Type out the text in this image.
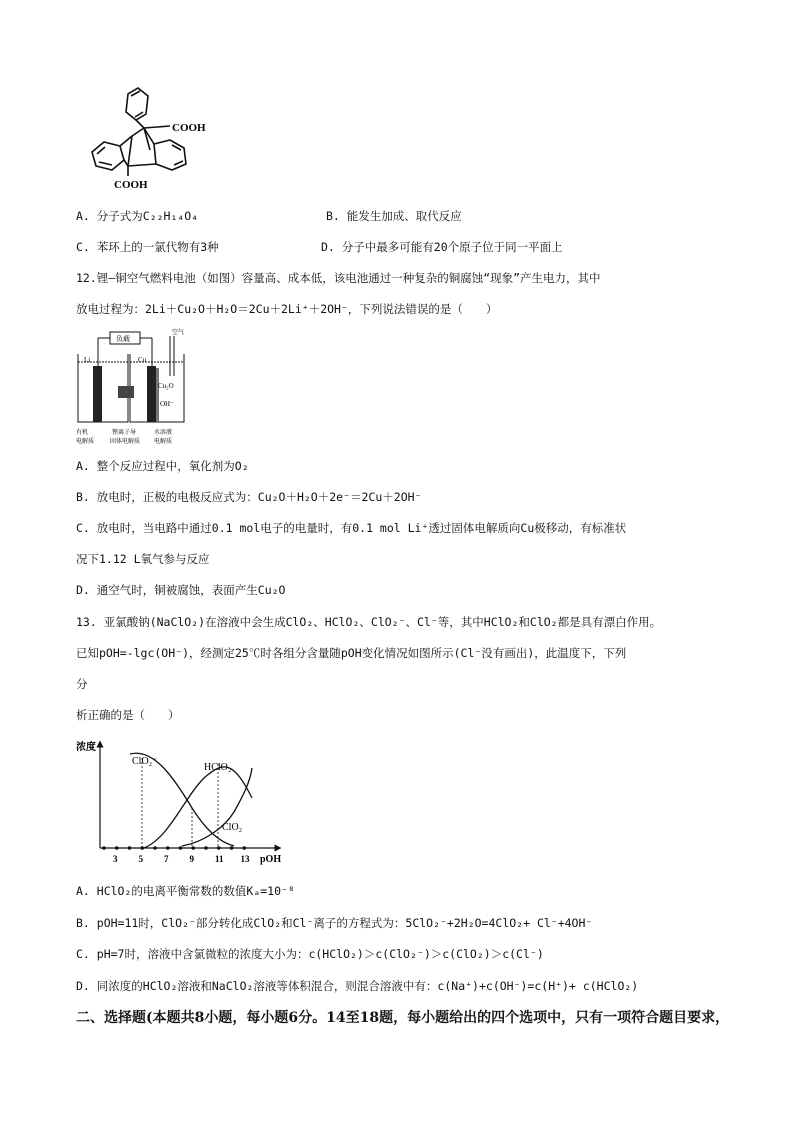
COOH
COOH
A. 分子式为C₂₂H₁₄O₄	B. 能发生加成、取代反应
C. 苯环上的一氯代物有3种	D. 分子中最多可能有20个原子位于同一平面上
12.锂—铜空气燃料电池（如图）容量高、成本低，该电池通过一种复杂的铜腐蚀“现象”产生电力，其中
放电过程为：2Li＋Cu₂O＋H₂O＝2Cu＋2Li⁺＋2OH⁻，下列说法错误的是（　　）
负载
Li	Cu
空气
Cu₂O
OH⁻
有机
电解质
锂离子导
固体电解质
水溶液
电解质
A. 整个反应过程中，氧化剂为O₂
B. 放电时，正极的电极反应式为：Cu₂O＋H₂O＋2e⁻＝2Cu＋2OH⁻
C. 放电时，当电路中通过0.1 mol电子的电量时，有0.1 mol Li⁺透过固体电解质向Cu极移动，有标准状
况下1.12 L氧气参与反应
D. 通空气时，铜被腐蚀，表面产生Cu₂O
13. 亚氯酸钠(NaClO₂)在溶液中会生成ClO₂、HClO₂、ClO₂⁻、Cl⁻等，其中HClO₂和ClO₂都是具有漂白作用。
已知pOH=-lgc(OH⁻)，经测定25℃时各组分含量随pOH变化情况如图所示(Cl⁻没有画出)，此温度下，下列
分
析正确的是（　　）
浓度
pOH
ClO₂⁻
HClO₂
ClO₂
3 5 7 9 11 13
A. HClO₂的电离平衡常数的数值Kₐ=10⁻⁸
B. pOH=11时，ClO₂⁻部分转化成ClO₂和Cl⁻离子的方程式为：5ClO₂⁻+2H₂O=4ClO₂+ Cl⁻+4OH⁻
C. pH=7时，溶液中含氯微粒的浓度大小为：c(HClO₂)＞c(ClO₂⁻)＞c(ClO₂)＞c(Cl⁻)
D. 同浓度的HClO₂溶液和NaClO₂溶液等体积混合，则混合溶液中有：c(Na⁺)+c(OH⁻)=c(H⁺)+ c(HClO₂)
二、选择题(本题共8小题，每小题6分。14至18题，每小题给出的四个选项中，只有一项符合题目要求，
